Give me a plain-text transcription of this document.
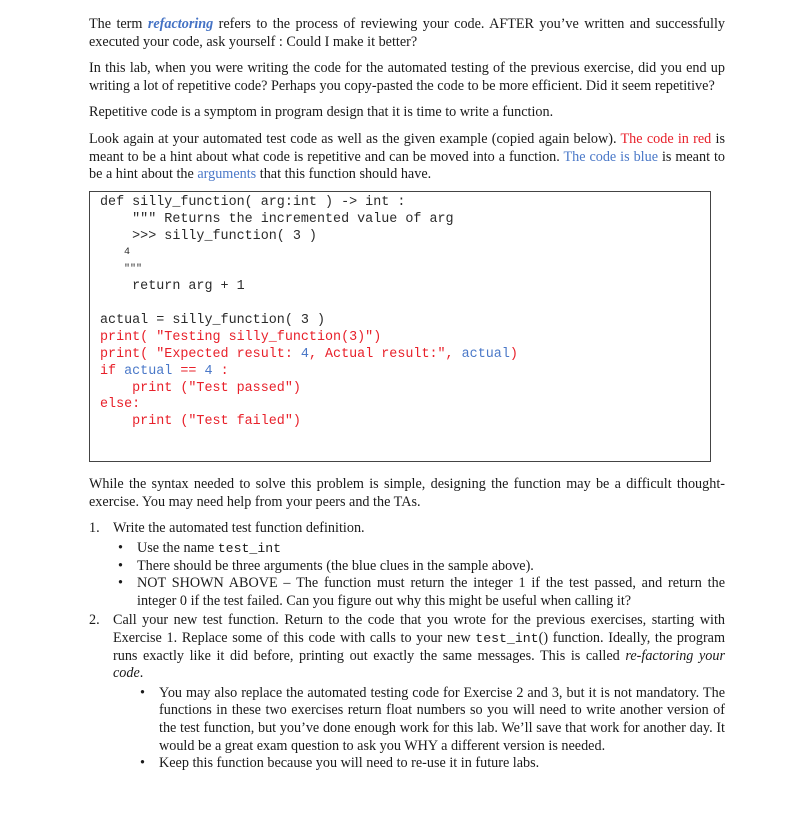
The term refactoring refers to the process of reviewing your code. AFTER you’ve written and successfully executed your code, ask yourself : Could I make it better?

In this lab, when you were writing the code for the automated testing of the previous exercise, did you end up writing a lot of repetitive code? Perhaps you copy-pasted the code to be more efficient. Did it seem repetitive?

Repetitive code is a symptom in program design that it is time to write a function.

Look again at your automated test code as well as the given example (copied again below). The code in red is meant to be a hint about what code is repetitive and can be moved into a function. The code is blue is meant to be a hint about the arguments that this function should have.

def silly_function( arg:int ) -> int :
""" Returns the incremented value of arg
>>> silly_function( 3 )
4
"""
return arg + 1
actual = silly_function( 3 )
print( "Testing silly_function(3)")
print( "Expected result: 4, Actual result:", actual)
if actual == 4 :
print ("Test passed")
else:
print ("Test failed")

While the syntax needed to solve this problem is simple, designing the function may be a difficult thought-exercise. You may need help from your peers and the TAs.

1. Write the automated test function definition.
• Use the name test_int
• There should be three arguments (the blue clues in the sample above).
• NOT SHOWN ABOVE – The function must return the integer 1 if the test passed, and return the integer 0 if the test failed. Can you figure out why this might be useful when calling it?
2. Call your new test function. Return to the code that you wrote for the previous exercises, starting with Exercise 1. Replace some of this code with calls to your new test_int() function. Ideally, the program runs exactly like it did before, printing out exactly the same messages. This is called re-factoring your code.
• You may also replace the automated testing code for Exercise 2 and 3, but it is not mandatory. The functions in these two exercises return float numbers so you will need to write another version of the test function, but you’ve done enough work for this lab. We’ll save that work for another day. It would be a great exam question to ask you WHY a different version is needed.
• Keep this function because you will need to re-use it in future labs.
